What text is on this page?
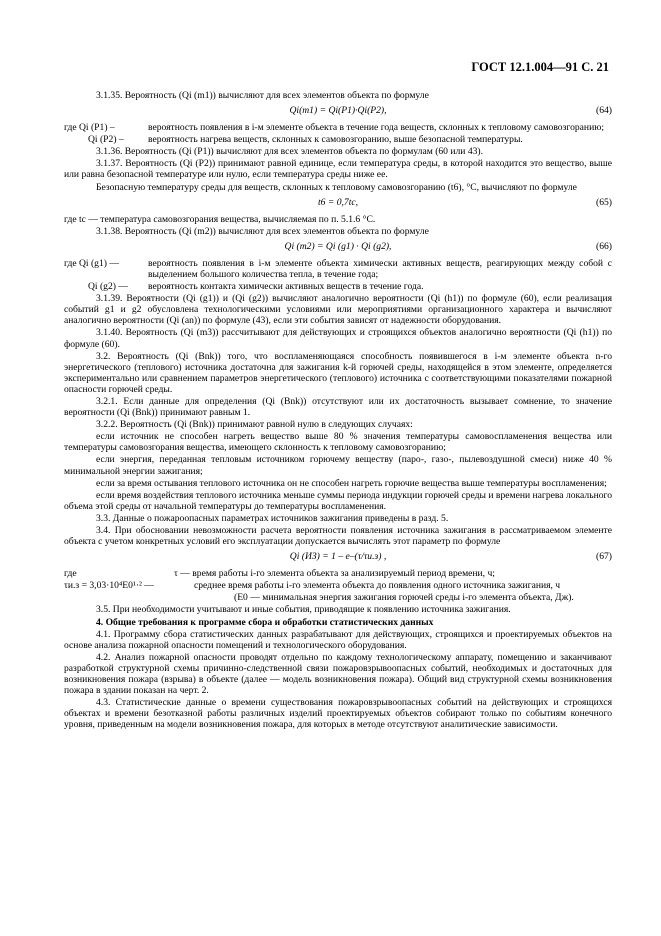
ГОСТ 12.1.004—91 С. 21

3.1.35. Вероятность (Qi (m1)) вычисляют для всех элементов объекта по формуле

Qi(m1) = Qi(P1)·Qi(P2),	(64)
где Qi (P1) –	вероятность появления в i-м элементе объекта в течение года веществ, склонных к тепловому самовозгоранию;
Qi (P2) –	вероятность нагрева веществ, склонных к самовозгоранию, выше безопасной температуры.

3.1.36. Вероятность (Qi (P1)) вычисляют для всех элементов объекта по формулам (60 или 43).

3.1.37. Вероятность (Qi (P2)) принимают равной единице, если температура среды, в которой находится это вещество, выше или равна безопасной температуре или нулю, если температура среды ниже ее.

Безопасную температуру среды для веществ, склонных к тепловому самовозгоранию (t6), °С, вычисляют по формуле

t6 = 0,7tc,	(65)

где tc — температура самовозгорания вещества, вычисляемая по п. 5.1.6 °С.

3.1.38. Вероятность (Qi (m2)) вычисляют для всех элементов объекта по формуле

Qi (m2) = Qi (g1) · Qi (g2),	(66)
где Qi (g1) —	вероятность появления в i-м элементе объекта химически активных веществ, реагирующих между собой с выделением большого количества тепла, в течение года;
Qi (g2) —	вероятность контакта химически активных веществ в течение года.

3.1.39. Вероятности (Qi (g1)) и (Qi (g2)) вычисляют аналогично вероятности (Qi (h1)) по формуле (60), если реализация событий g1 и g2 обусловлена технологическими условиями или мероприятиями организационного характера и вычисляют аналогично вероятности (Qi (an)) по формуле (43), если эти события зависят от надежности оборудования.

3.1.40. Вероятность (Qi (m3)) рассчитывают для действующих и строящихся объектов аналогично вероятности (Qi (h1)) по формуле (60).

3.2. Вероятность (Qi (Bnk)) того, что воспламеняющаяся способность появившегося в i-м элементе объекта n-го энергетического (теплового) источника достаточна для зажигания k-й горючей среды, находящейся в этом элементе, определяется экспериментально или сравнением параметров энергетического (теплового) источника с соответствующими показателями пожарной опасности горючей среды.

3.2.1. Если данные для определения (Qi (Bnk)) отсутствуют или их достаточность вызывает сомнение, то значение вероятности (Qi (Bnk)) принимают равным 1.

3.2.2. Вероятность (Qi (Bnk)) принимают равной нулю в следующих случаях:

если источник не способен нагреть вещество выше 80 % значения температуры самовоспламенения вещества или температуры самовозгорания вещества, имеющего склонность к тепловому самовозгоранию;

если энергия, переданная тепловым источником горючему веществу (паро-, газо-, пылевоздушной смеси) ниже 40 % минимальной энергии зажигания;

если за время остывания теплового источника он не способен нагреть горючие вещества выше температуры воспламенения;

если время воздействия теплового источника меньше суммы периода индукции горючей среды и времени нагрева локального объема этой среды от начальной температуры до температуры воспламенения.

3.3. Данные о пожароопасных параметрах источников зажигания приведены в разд. 5.

3.4. При обосновании невозможности расчета вероятности появления источника зажигания в рассматриваемом элементе объекта с учетом конкретных условий его эксплуатации допускается вычислять этот параметр по формуле

Qi (ИЗ) = 1 – e–(τ/τи.з) ,	(67)
где	τ — время работы i-го элемента объекта за анализируемый период времени, ч;
τи.з = 3,03·10⁴E0¹·² —	среднее время работы i-го элемента объекта до появления одного источника зажигания, ч

(E0 — минимальная энергия зажигания горючей среды i-го элемента объекта, Дж).

3.5. При необходимости учитывают и иные события, приводящие к появлению источника зажигания.

4. Общие требования к программе сбора и обработки статистических данных

4.1. Программу сбора статистических данных разрабатывают для действующих, строящихся и проектируемых объектов на основе анализа пожарной опасности помещений и технологического оборудования.

4.2. Анализ пожарной опасности проводят отдельно по каждому технологическому аппарату, помещению и заканчивают разработкой структурной схемы причинно-следственной связи пожаровзрывоопасных событий, необходимых и достаточных для возникновения пожара (взрыва) в объекте (далее — модель возникновения пожара). Общий вид структурной схемы возникновения пожара в здании показан на черт. 2.

4.3. Статистические данные о времени существования пожаровзрывоопасных событий на действующих и строящихся объектах и времени безотказной работы различных изделий проектируемых объектов собирают только по событиям конечного уровня, приведенным на модели возникновения пожара, для которых в методе отсутствуют аналитические зависимости.
